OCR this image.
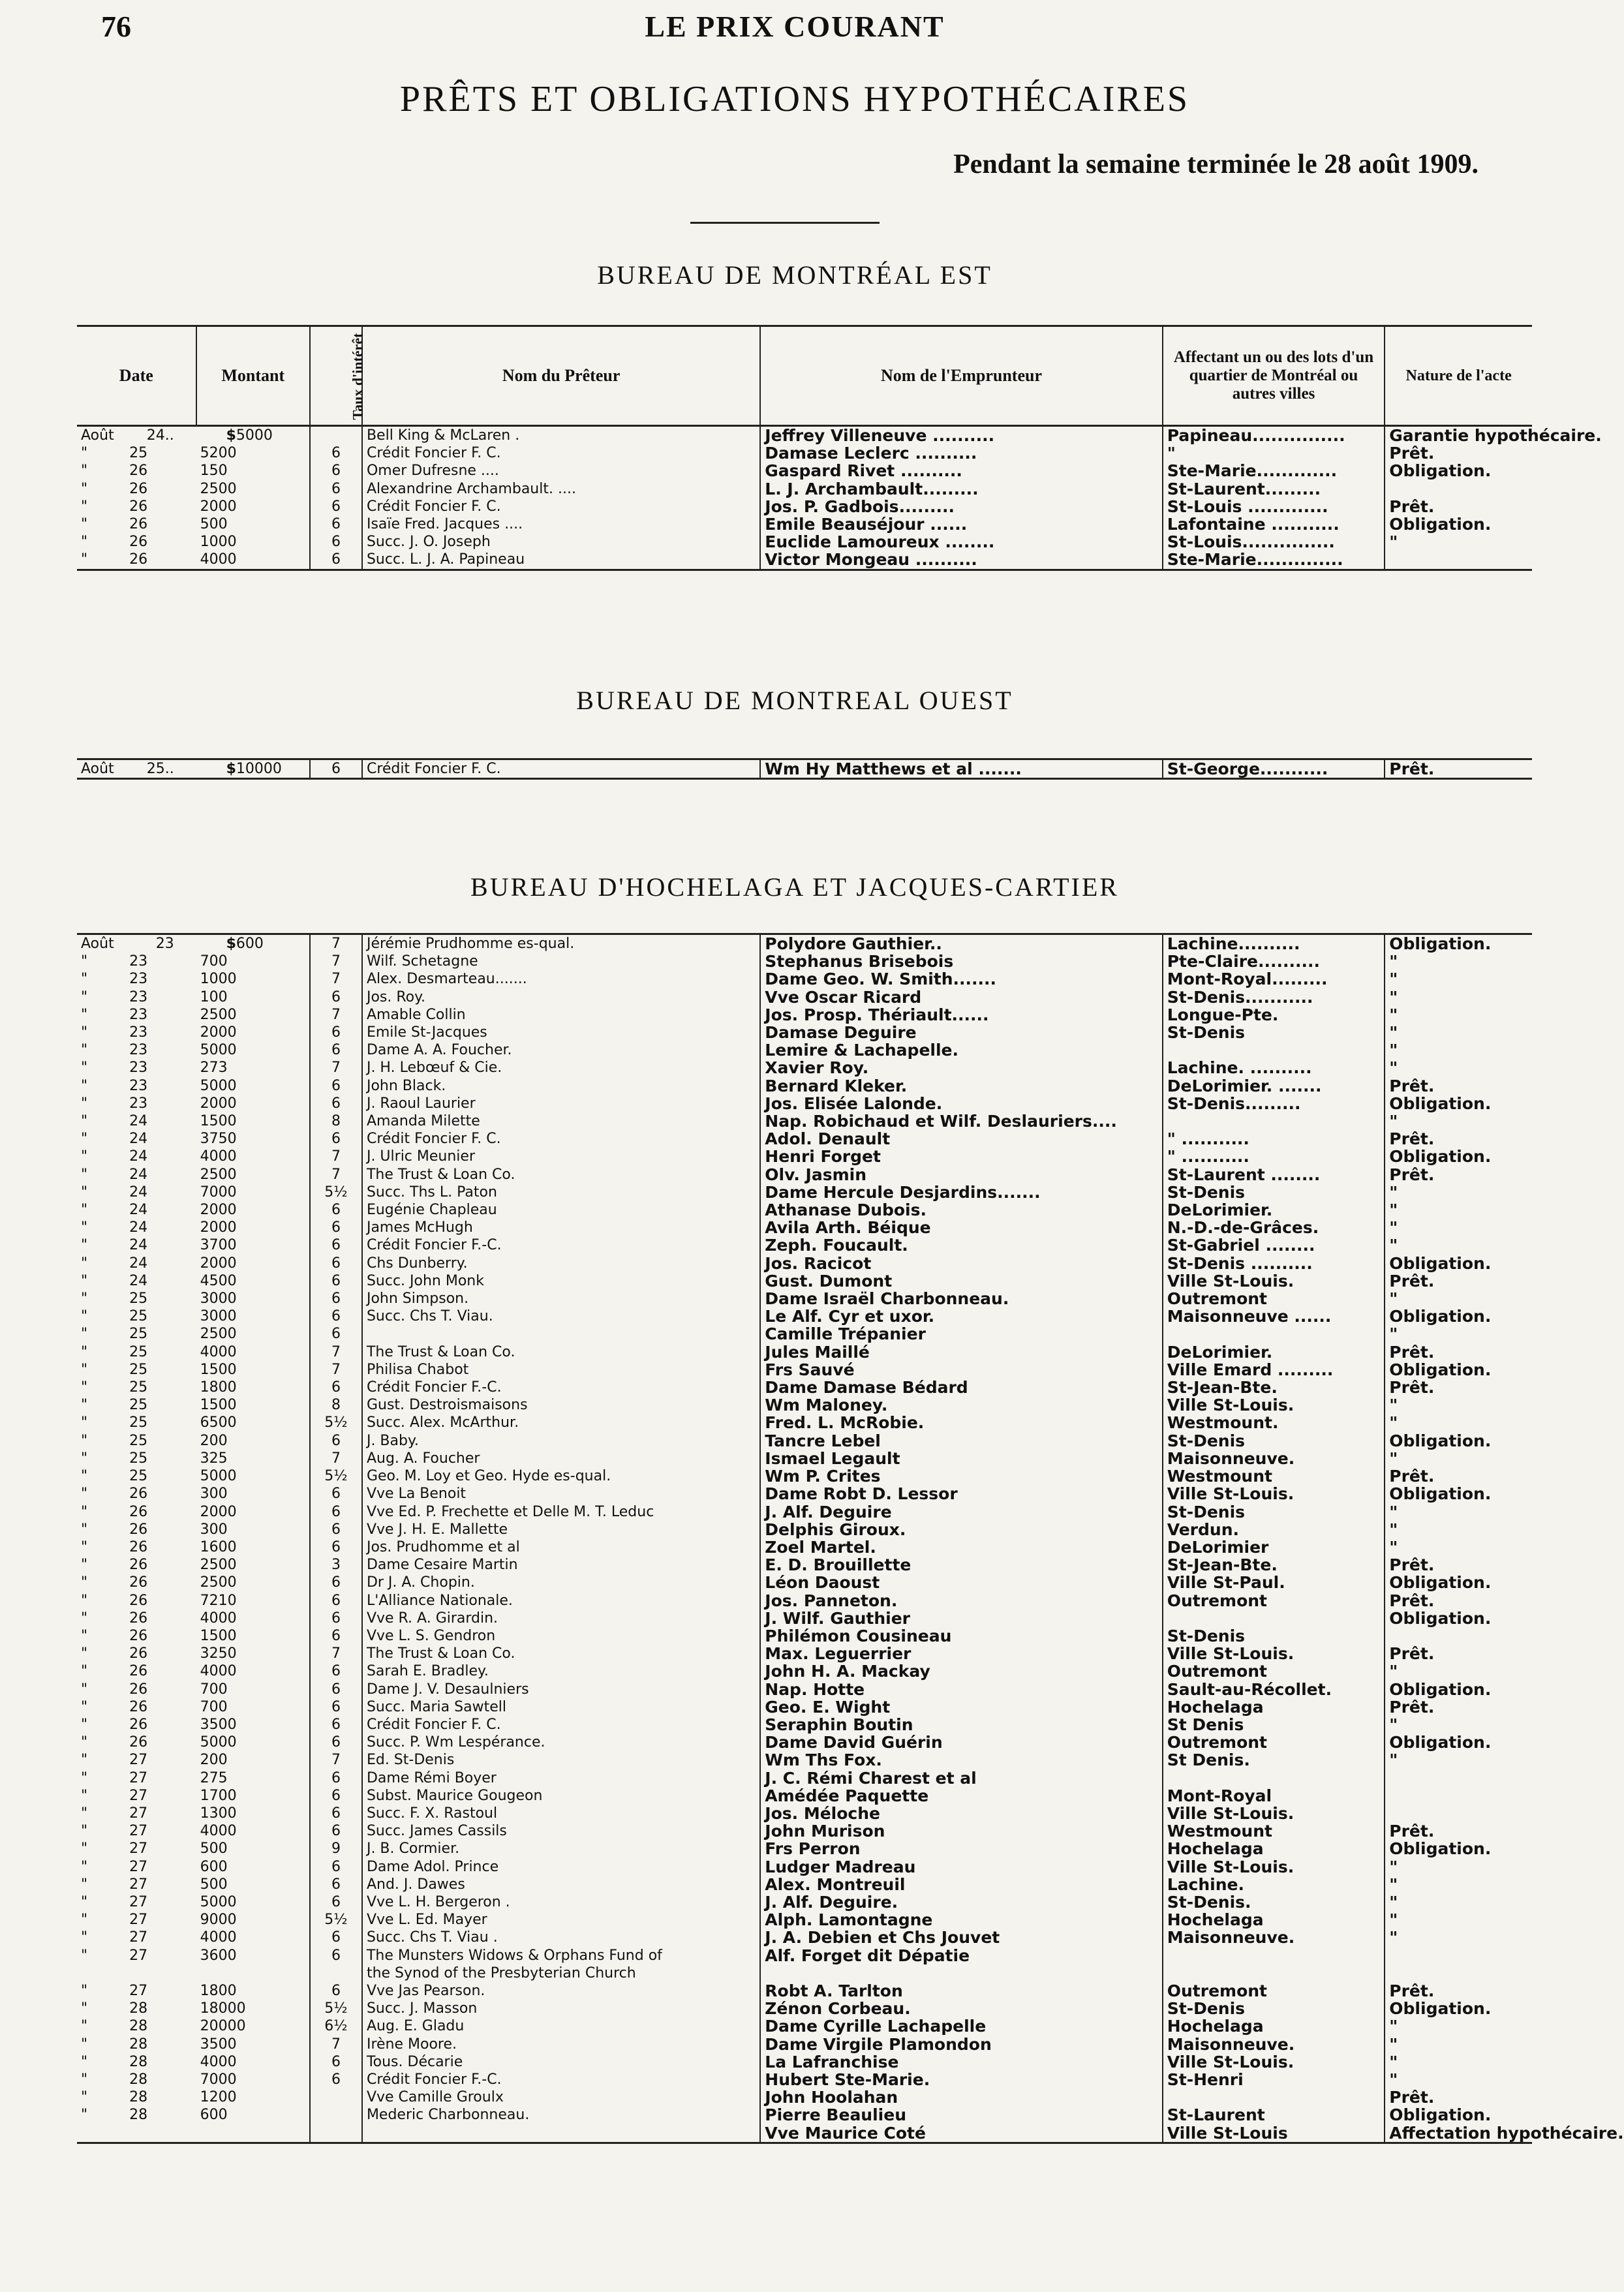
76	LE PRIX COURANT
PRÊTS ET OBLIGATIONS HYPOTHÉCAIRES
Pendant la semaine terminée le 28 août 1909.
BUREAU DE MONTRÉAL EST
Date	Montant	Taux d'intérêt	Nom du Prêteur	Nom de l'Emprunteur	Affectant un ou des lots d'un quartier de Montréal ou autres villes	Nature de l'acte
Août 24..	$ 5000		Bell King & McLaren .	Jeffrey Villeneuve ..........	Papineau...............	Garantie hypothécaire.
" 25	5200	6	Crédit Foncier F. C.	Damase Leclerc ..........	"	Prêt.
" 26	150	6	Omer Dufresne ....	Gaspard Rivet ..........	Ste-Marie.............	Obligation.
" 26	2500	6	Alexandrine Archambault. ....	L. J. Archambault.........	St-Laurent.........	
" 26	2000	6	Crédit Foncier F. C.	Jos. P. Gadbois.........	St-Louis .............	Prêt.
" 26	500	6	Isaïe Fred. Jacques ....	Emile Beauséjour ......	Lafontaine ...........	Obligation.
" 26	1000	6	Succ. J. O. Joseph	Euclide Lamoureux ........	St-Louis...............	"
" 26	4000	6	Succ. L. J. A. Papineau	Victor Mongeau ..........	Ste-Marie..............	
BUREAU DE MONTREAL OUEST
Août 25..	$ 10000	6	Crédit Foncier F. C.	Wm Hy Matthews et al .......	St-George...........	Prêt.
BUREAU D'HOCHELAGA ET JACQUES-CARTIER
Août 23	$ 600	7	Jérémie Prudhomme es-qual.	Polydore Gauthier..	Lachine..........	Obligation.
" 23	700	7	Wilf. Schetagne	Stephanus Brisebois	Pte-Claire..........	"
" 23	1000	7	Alex. Desmarteau.......	Dame Geo. W. Smith.......	Mont-Royal.........	"
" 23	100	6	Jos. Roy.	Vve Oscar Ricard	St-Denis...........	"
" 23	2500	7	Amable Collin	Jos. Prosp. Thériault......	Longue-Pte.	"
" 23	2000	6	Emile St-Jacques	Damase Deguire	St-Denis	"
" 23	5000	6	Dame A. A. Foucher.	Lemire & Lachapelle.		"
" 23	273	7	J. H. Lebœuf & Cie.	Xavier Roy.	Lachine. ..........	"
" 23	5000	6	John Black.	Bernard Kleker.	DeLorimier. .......	Prêt.
" 23	2000	6	J. Raoul Laurier	Jos. Elisée Lalonde.	St-Denis.........	Obligation.
" 24	1500	8	Amanda Milette	Nap. Robichaud et Wilf. Deslauriers....		"
" 24	3750	6	Crédit Foncier F. C.	Adol. Denault	" ...........	Prêt.
" 24	4000	7	J. Ulric Meunier	Henri Forget	" ...........	Obligation.
" 24	2500	7	The Trust & Loan Co.	Olv. Jasmin	St-Laurent ........	Prêt.
" 24	7000	5½	Succ. Ths L. Paton	Dame Hercule Desjardins.......	St-Denis	"
" 24	2000	6	Eugénie Chapleau	Athanase Dubois.	DeLorimier.	"
" 24	2000	6	James McHugh	Avila Arth. Béique	N.-D.-de-Grâces.	"
" 24	3700	6	Crédit Foncier F.-C.	Zeph. Foucault.	St-Gabriel ........	"
" 24	2000	6	Chs Dunberry.	Jos. Racicot	St-Denis ..........	Obligation.
" 24	4500	6	Succ. John Monk	Gust. Dumont	Ville St-Louis.	Prêt.
" 25	3000	6	John Simpson.	Dame Israël Charbonneau.	Outremont	"
" 25	3000	6	Succ. Chs T. Viau.	Le Alf. Cyr et uxor.	Maisonneuve ......	Obligation.
" 25	2500	6		Camille Trépanier		"
" 25	4000	7	The Trust & Loan Co.	Jules Maillé	DeLorimier.	Prêt.
" 25	1500	7	Philisa Chabot	Frs Sauvé	Ville Emard .........	Obligation.
" 25	1800	6	Crédit Foncier F.-C.	Dame Damase Bédard	St-Jean-Bte.	Prêt.
" 25	1500	8	Gust. Destroismaisons	Wm Maloney.	Ville St-Louis.	"
" 25	6500	5½	Succ. Alex. McArthur.	Fred. L. McRobie.	Westmount.	"
" 25	200	6	J. Baby.	Tancre Lebel	St-Denis	Obligation.
" 25	325	7	Aug. A. Foucher	Ismael Legault	Maisonneuve.	"
" 25	5000	5½	Geo. M. Loy et Geo. Hyde es-qual.	Wm P. Crites	Westmount	Prêt.
" 26	300	6	Vve La Benoit	Dame Robt D. Lessor	Ville St-Louis.	Obligation.
" 26	2000	6	Vve Ed. P. Frechette et Delle M. T. Leduc	J. Alf. Deguire	St-Denis	"
" 26	300	6	Vve J. H. E. Mallette	Delphis Giroux.	Verdun.	"
" 26	1600	6	Jos. Prudhomme et al	Zoel Martel.	DeLorimier	"
" 26	2500	3	Dame Cesaire Martin	E. D. Brouillette	St-Jean-Bte.	Prêt.
" 26	2500	6	Dr J. A. Chopin.	Léon Daoust	Ville St-Paul.	Obligation.
" 26	7210	6	L'Alliance Nationale.	Jos. Panneton.	Outremont	Prêt.
" 26	4000	6	Vve R. A. Girardin.	J. Wilf. Gauthier		Obligation.
" 26	1500	6	Vve L. S. Gendron	Philémon Cousineau	St-Denis	
" 26	3250	7	The Trust & Loan Co.	Max. Leguerrier	Ville St-Louis.	Prêt.
" 26	4000	6	Sarah E. Bradley.	John H. A. Mackay	Outremont	"
" 26	700	6	Dame J. V. Desaulniers	Nap. Hotte	Sault-au-Récollet.	Obligation.
" 26	700	6	Succ. Maria Sawtell	Geo. E. Wight	Hochelaga	Prêt.
" 26	3500	6	Crédit Foncier F. C.	Seraphin Boutin	St Denis	"
" 26	5000	6	Succ. P. Wm Lespérance.	Dame David Guérin	Outremont	Obligation.
" 27	200	7	Ed. St-Denis	Wm Ths Fox.	St Denis.	"
" 27	275	6	Dame Rémi Boyer	J. C. Rémi Charest et al		
" 27	1700	6	Subst. Maurice Gougeon	Amédée Paquette	Mont-Royal	
" 27	1300	6	Succ. F. X. Rastoul	Jos. Méloche	Ville St-Louis.	
" 27	4000	6	Succ. James Cassils	John Murison	Westmount	Prêt.
" 27	500	9	J. B. Cormier.	Frs Perron	Hochelaga	Obligation.
" 27	600	6	Dame Adol. Prince	Ludger Madreau	Ville St-Louis.	"
" 27	500	6	And. J. Dawes	Alex. Montreuil	Lachine.	"
" 27	5000	6	Vve L. H. Bergeron .	J. Alf. Deguire.	St-Denis.	"
" 27	9000	5½	Vve L. Ed. Mayer	Alph. Lamontagne	Hochelaga	"
" 27	4000	6	Succ. Chs T. Viau .	J. A. Debien et Chs Jouvet	Maisonneuve.	"
" 27	3600	6	The Munsters Widows & Orphans Fund of	Alf. Forget dit Dépatie		

		the Synod of the Presbyterian Church			
" 27	1800	6	Vve Jas Pearson.	Robt A. Tarlton	Outremont	Prêt.
" 28	18000	5½	Succ. J. Masson	Zénon Corbeau.	St-Denis	Obligation.
" 28	20000	6½	Aug. E. Gladu	Dame Cyrille Lachapelle	Hochelaga	"
" 28	3500	7	Irène Moore.	Dame Virgile Plamondon	Maisonneuve.	"
" 28	4000	6	Tous. Décarie	La Lafranchise	Ville St-Louis.	"
" 28	7000	6	Crédit Foncier F.-C.	Hubert Ste-Marie.	St-Henri	"
" 28	1200		Vve Camille Groulx	John Hoolahan		Prêt.
" 28	600		Mederic Charbonneau.	Pierre Beaulieu	St-Laurent	Obligation.

			Vve Maurice Coté	Ville St-Louis	Affectation hypothécaire.
